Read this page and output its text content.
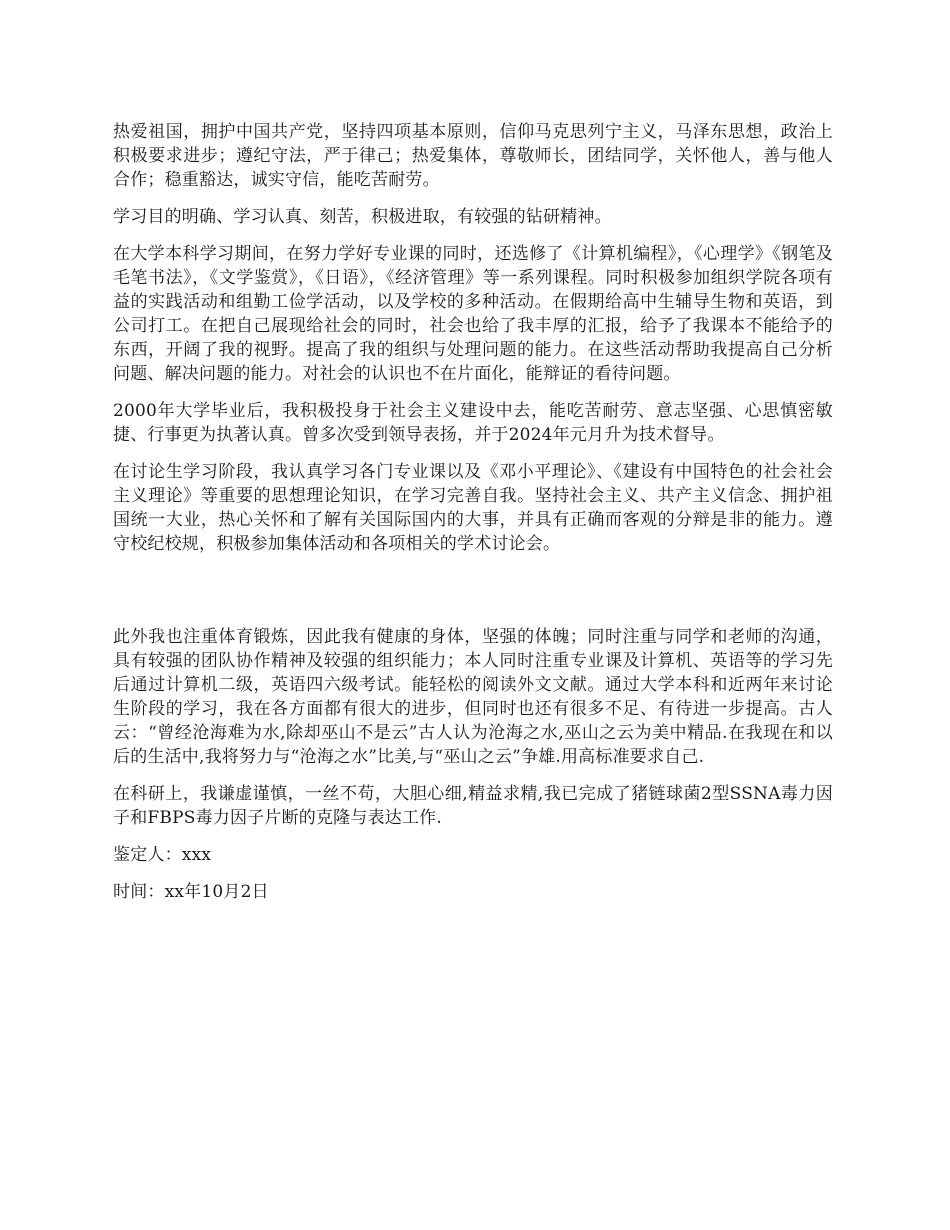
热爱祖国，拥护中国共产党，坚持四项基本原则，信仰马克思列宁主义，马泽东思想，政治上积极要求进步；遵纪守法，严于律己；热爱集体，尊敬师长，团结同学，关怀他人，善与他人合作；稳重豁达，诚实守信，能吃苦耐劳。

学习目的明确、学习认真、刻苦，积极进取，有较强的钻研精神。

在大学本科学习期间，在努力学好专业课的同时，还选修了《计算机编程》，《心理学》《钢笔及毛笔书法》，《文学鉴赏》，《日语》，《经济管理》等一系列课程。同时积极参加组织学院各项有益的实践活动和组勤工俭学活动，以及学校的多种活动。在假期给高中生辅导生物和英语，到公司打工。在把自己展现给社会的同时，社会也给了我丰厚的汇报，给予了我课本不能给予的东西，开阔了我的视野。提高了我的组织与处理问题的能力。在这些活动帮助我提高自己分析问题、解决问题的能力。对社会的认识也不在片面化，能辩证的看待问题。

2000年大学毕业后，我积极投身于社会主义建设中去，能吃苦耐劳、意志坚强、心思慎密敏捷、行事更为执著认真。曾多次受到领导表扬，并于2024年元月升为技术督导。

在讨论生学习阶段，我认真学习各门专业课以及《邓小平理论》、《建设有中国特色的社会社会主义理论》等重要的思想理论知识，在学习完善自我。坚持社会主义、共产主义信念、拥护祖国统一大业，热心关怀和了解有关国际国内的大事，并具有正确而客观的分辩是非的能力。遵守校纪校规，积极参加集体活动和各项相关的学术讨论会。

此外我也注重体育锻炼，因此我有健康的身体，坚强的体魄；同时注重与同学和老师的沟通，具有较强的团队协作精神及较强的组织能力；本人同时注重专业课及计算机、英语等的学习先后通过计算机二级，英语四六级考试。能轻松的阅读外文文献。通过大学本科和近两年来讨论生阶段的学习，我在各方面都有很大的进步，但同时也还有很多不足、有待进一步提高。古人云：“曾经沧海难为水,除却巫山不是云”古人认为沧海之水,巫山之云为美中精品.在我现在和以后的生活中,我将努力与“沧海之水”比美,与“巫山之云”争雄.用高标准要求自己.

在科研上，我谦虚谨慎，一丝不苟，大胆心细,精益求精,我已完成了猪链球菌2型SSNA毒力因子和FBPS毒力因子片断的克隆与表达工作.

鉴定人：xxx

时间：xx年10月2日
